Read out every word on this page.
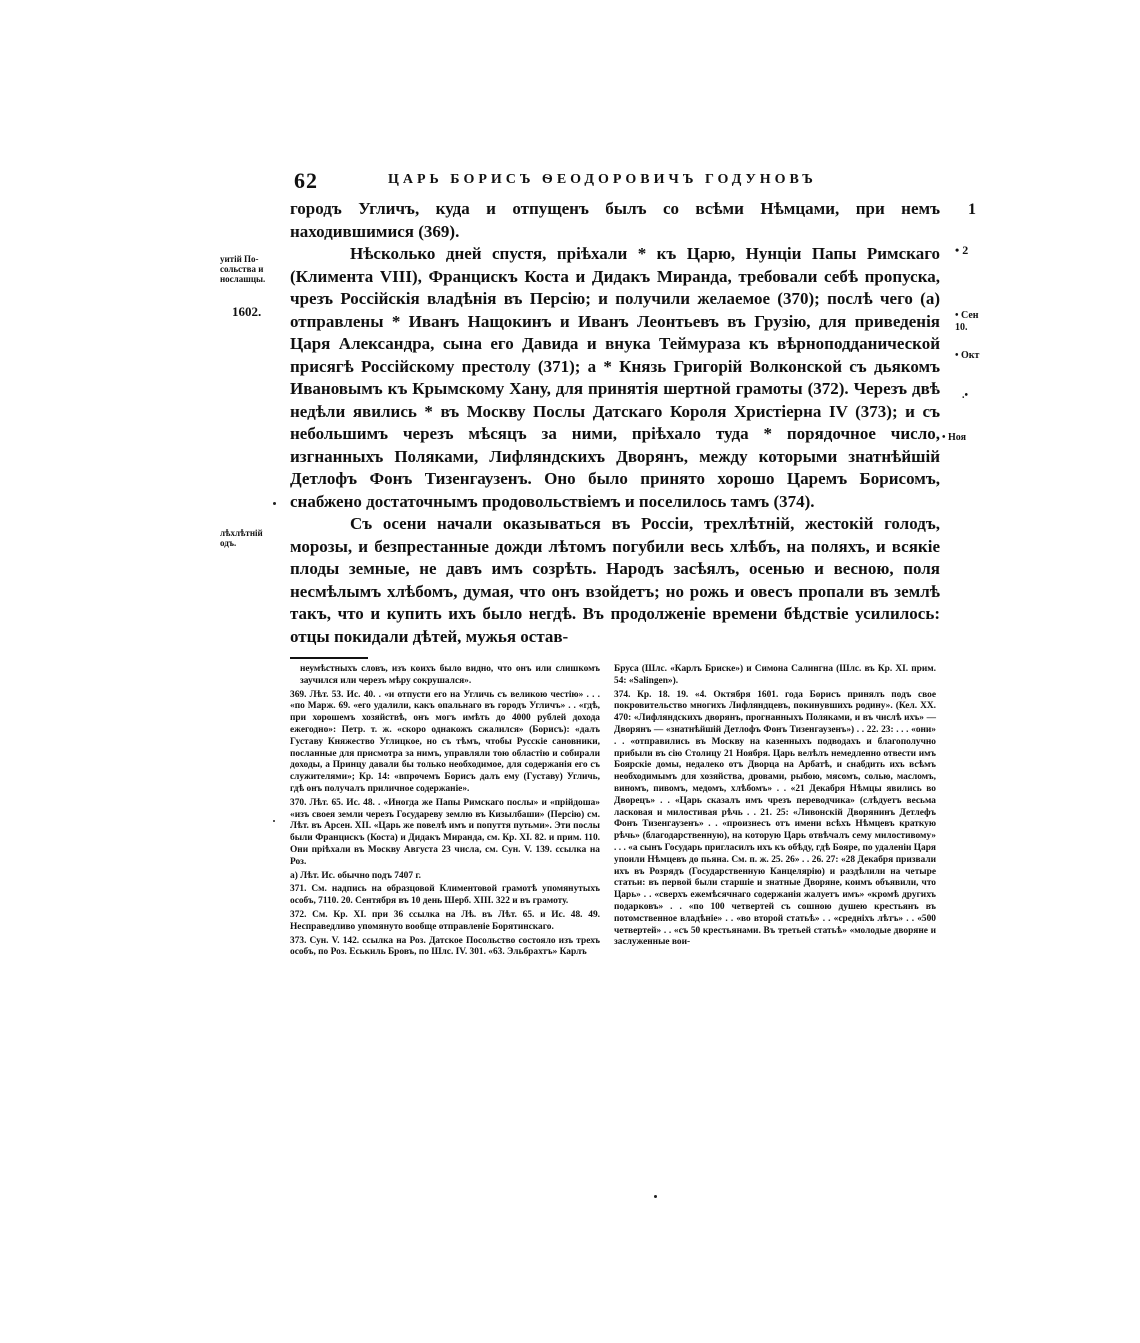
62	ЦАРЬ БОРИСЪ ѲЕОДОРОВИЧЪ ГОДУНОВЪ
уитій По-
сольства и
нослашцы.
1602.
лѣхлѣтній
одъ.
1
• 2
• Сен
10.
• Окт
.•
• Ноя

городъ Угличъ, куда и отпущенъ былъ со всѣми Нѣмцами, при немъ находившимися (369).

Нѣсколько дней спустя, пріѣхали * къ Царю, Нунціи Папы Римскаго (Климента VIII), Францискъ Коста и Дидакъ Миранда, требовали себѣ пропуска, чрезъ Россійскія владѣнія въ Персію; и получили желаемое (370); послѣ чего (а) отправлены * Иванъ Нащокинъ и Иванъ Леонтьевъ въ Грузію, для приведенія Царя Александра, сына его Давида и внука Теймураза къ вѣрноподданической присягѣ Россійскому престолу (371); а * Князь Григорій Волконской съ дьякомъ Ивановымъ къ Крымскому Хану, для принятія шертной грамоты (372). Черезъ двѣ недѣли явились * въ Москву Послы Датскаго Короля Христіерна IV (373); и съ небольшимъ черезъ мѣсяцъ за ними, пріѣхало туда * порядочное число, изгнанныхъ Поляками, Лифляндскихъ Дворянъ, между которыми знатнѣйшій Детлофъ Фонъ Тизенгаузенъ. Оно было принято хорошо Царемъ Борисомъ, снабжено достаточнымъ продовольствіемъ и поселилось тамъ (374).

Съ осени начали оказываться въ Россіи, трехлѣтній, жестокій голодъ, морозы, и безпрестанные дожди лѣтомъ погубили весь хлѣбъ, на поляхъ, и всякіе плоды земные, не давъ имъ созрѣть. Народъ засѣялъ, осенью и весною, поля несмѣлымъ хлѣбомъ, думая, что онъ взойдетъ; но рожь и овесъ пропали въ землѣ такъ, что и купить ихъ было негдѣ. Въ продолженіе времени бѣдствіе усилилось: отцы покидали дѣтей, мужья остав-

неумѣстныхъ словъ, изъ коихъ было видно, что онъ или слишкомъ заучился или черезъ мѣру сокрушался».

369. Лѣт. 53. Ис. 40. . «и отпусти его на Угличь съ великою честію» . . . «по Марж. 69. «его удалили, какъ опальнаго въ городъ Угличъ» . . «гдѣ, при хорошемъ хозяйствѣ, онъ могъ имѣть до 4000 рублей дохода ежегодно»: Петр. т. ж. «скоро однакожъ сжалился» (Борисъ): «далъ Густаву Княжество Углицкое, но съ тѣмъ, чтобы Русскіе сановники, посланные для присмотра за нимъ, управляли тою областію и собирали доходы, а Принцу давали бы только необходимое, для содержанія его съ служителями»; Кр. 14: «впрочемъ Борисъ далъ ему (Густаву) Угличь, гдѣ онъ получалъ приличное содержаніе».

370. Лѣт. 65. Ис. 48. . «Иногда же Папы Римскаго послы» и «прійдоша» «изъ своея земли черезъ Государеву землю въ Кизылбаши» (Персію) см. Лѣт. въ Арсен. XII. «Царь же повелѣ имъ и попуття путьми». Эти послы были Францискъ (Коста) и Дидакъ Миранда, см. Кр. XI. 82. и прим. 110. Они пріѣхали въ Москву Августа 23 числа, см. Сун. V. 139. ссылка на Роз.

а) Лѣт. Ис. обычно подъ 7407 г.

371. См. надпись на образцовой Климентовой грамотѣ упомянутыхъ особъ, 7110. 20. Сентября въ 10 день Шерб. XIII. 322 и въ грамоту.

372. См. Кр. XI. при 36 ссылка на Лѣ. въ Лѣт. 65. и Ис. 48. 49. Несправедливо упомянуто вообще отправленіе Борятинскаго.

373. Сун. V. 142. ссылка на Роз. Датское Посольство состояло изъ трехъ особъ, по Роз. Еськиль Бровъ, по Шлс. IV. 301. «63. Эльбрахтъ» Карлъ

Бруса (Шлс. «Карлъ Бриске») и Симона Салингна (Шлс. въ Кр. XI. прим. 54: «Salingen»).

374. Кр. 18. 19. «4. Октября 1601. года Борисъ принялъ подъ свое покровительство многихъ Лифляндцевъ, покинувшихъ родину». (Кел. XX. 470: «Лифляндскихъ дворянъ, прогнанныхъ Поляками, и въ числѣ ихъ» — Дворянъ — «знатнѣйшій Детлофъ Фонъ Тизенгаузенъ») . . 22. 23: . . . «они» . . «отправились въ Москву на казенныхъ подводахъ и благополучно прибыли въ сію Столицу 21 Ноября. Царь велѣлъ немедленно отвести имъ Боярскіе домы, недалеко отъ Дворца на Арбатѣ, и снабдить ихъ всѣмъ необходимымъ для хозяйства, дровами, рыбою, мясомъ, солью, масломъ, виномъ, пивомъ, медомъ, хлѣбомъ» . . «21 Декабря Нѣмцы явились во Дворецъ» . . «Царь сказалъ имъ чрезъ переводчика» (слѣдуетъ весьма ласковая и милостивая рѣчь . . 21. 25: «Ливонскій Дворянинъ Детлефъ Фонъ Тизенгаузенъ» . . «произнесъ отъ имени всѣхъ Нѣмцевъ краткую рѣчь» (благодарственную), на которую Царь отвѣчалъ сему милостивому» . . . «а сынъ Государь пригласилъ ихъ къ обѣду, гдѣ Бояре, по удаленіи Царя упоили Нѣмцевъ до пьяна. См. п. ж. 25. 26» . . 26. 27: «28 Декабря призвали ихъ въ Розрядъ (Государственную Канцелярію) и раздѣлили на четыре статьи: въ первой были старшіе и знатные Дворяне, коимъ объявили, что Царь» . . «сверхъ ежемѣсячнаго содержанія жалуетъ имъ» «кромѣ другихъ подарковъ» . . «по 100 четвертей съ сошною душею крестьянъ въ потомственное владѣніе» . . «во второй статьѣ» . . «средніхъ лѣтъ» . . «500 четвертей» . . «съ 50 крестьянами. Въ третьей статьѣ» «молодые дворяне и заслуженные вои-
